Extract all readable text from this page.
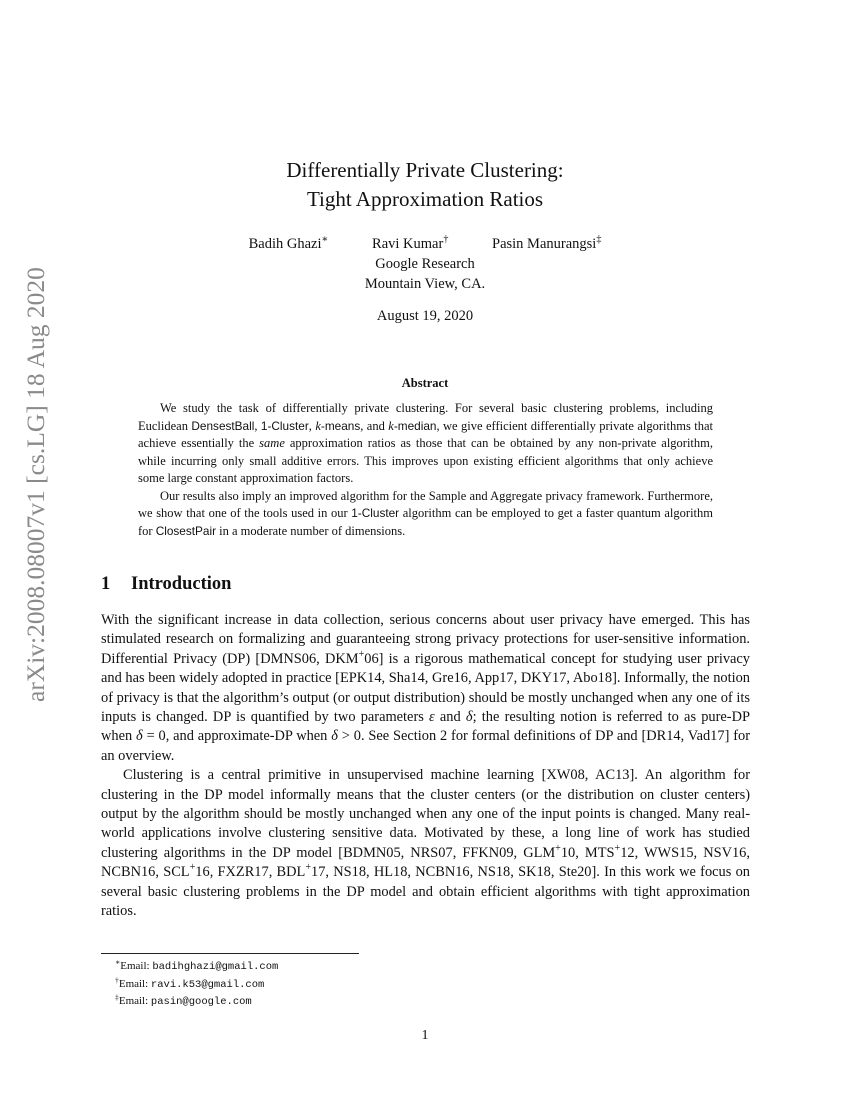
arXiv:2008.08007v1 [cs.LG] 18 Aug 2020
Differentially Private Clustering:
Tight Approximation Ratios
Badih Ghazi∗	Ravi Kumar†	Pasin Manurangsi‡
Google Research
Mountain View, CA.
August 19, 2020
Abstract

We study the task of differentially private clustering. For several basic clustering problems, including Euclidean DensestBall, 1-Cluster, k-means, and k-median, we give efficient differentially private algorithms that achieve essentially the same approximation ratios as those that can be obtained by any non-private algorithm, while incurring only small additive errors. This improves upon existing efficient algorithms that only achieve some large constant approximation factors.

Our results also imply an improved algorithm for the Sample and Aggregate privacy framework. Furthermore, we show that one of the tools used in our 1-Cluster algorithm can be employed to get a faster quantum algorithm for ClosestPair in a moderate number of dimensions.

1 Introduction

With the significant increase in data collection, serious concerns about user privacy have emerged. This has stimulated research on formalizing and guaranteeing strong privacy protections for user-sensitive information. Differential Privacy (DP) [DMNS06, DKM+06] is a rigorous mathematical concept for studying user privacy and has been widely adopted in practice [EPK14, Sha14, Gre16, App17, DKY17, Abo18]. Informally, the notion of privacy is that the algorithm’s output (or output distribution) should be mostly unchanged when any one of its inputs is changed. DP is quantified by two parameters ε and δ; the resulting notion is referred to as pure-DP when δ = 0, and approximate-DP when δ > 0. See Section 2 for formal definitions of DP and [DR14, Vad17] for an overview.

Clustering is a central primitive in unsupervised machine learning [XW08, AC13]. An algorithm for clustering in the DP model informally means that the cluster centers (or the distribution on cluster centers) output by the algorithm should be mostly unchanged when any one of the input points is changed. Many real-world applications involve clustering sensitive data. Motivated by these, a long line of work has studied clustering algorithms in the DP model [BDMN05, NRS07, FFKN09, GLM+10, MTS+12, WWS15, NSV16, NCBN16, SCL+16, FXZR17, BDL+17, NS18, HL18, NCBN16, NS18, SK18, Ste20]. In this work we focus on several basic clustering problems in the DP model and obtain efficient algorithms with tight approximation ratios.

∗Email: badihghazi@gmail.com
†Email: ravi.k53@gmail.com
‡Email: pasin@google.com
1
